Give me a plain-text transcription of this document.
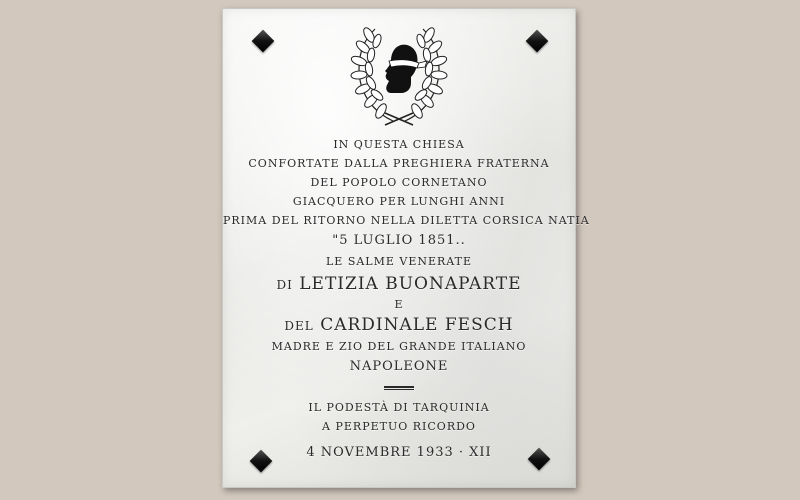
IN QUESTA CHIESA
CONFORTATE DALLA PREGHIERA FRATERNA
DEL POPOLO CORNETANO
GIACQUERO PER LUNGHI ANNI
PRIMA DEL RITORNO NELLA DILETTA CORSICA NATIA
"5 LUGLIO 1851..
LE SALME VENERATE
DI LETIZIA BUONAPARTE
E
DEL CARDINALE FESCH
MADRE E ZIO DEL GRANDE ITALIANO
NAPOLEONE
IL PODESTÀ DI TARQUINIA
A PERPETUO RICORDO
4 NOVEMBRE 1933 · XII
